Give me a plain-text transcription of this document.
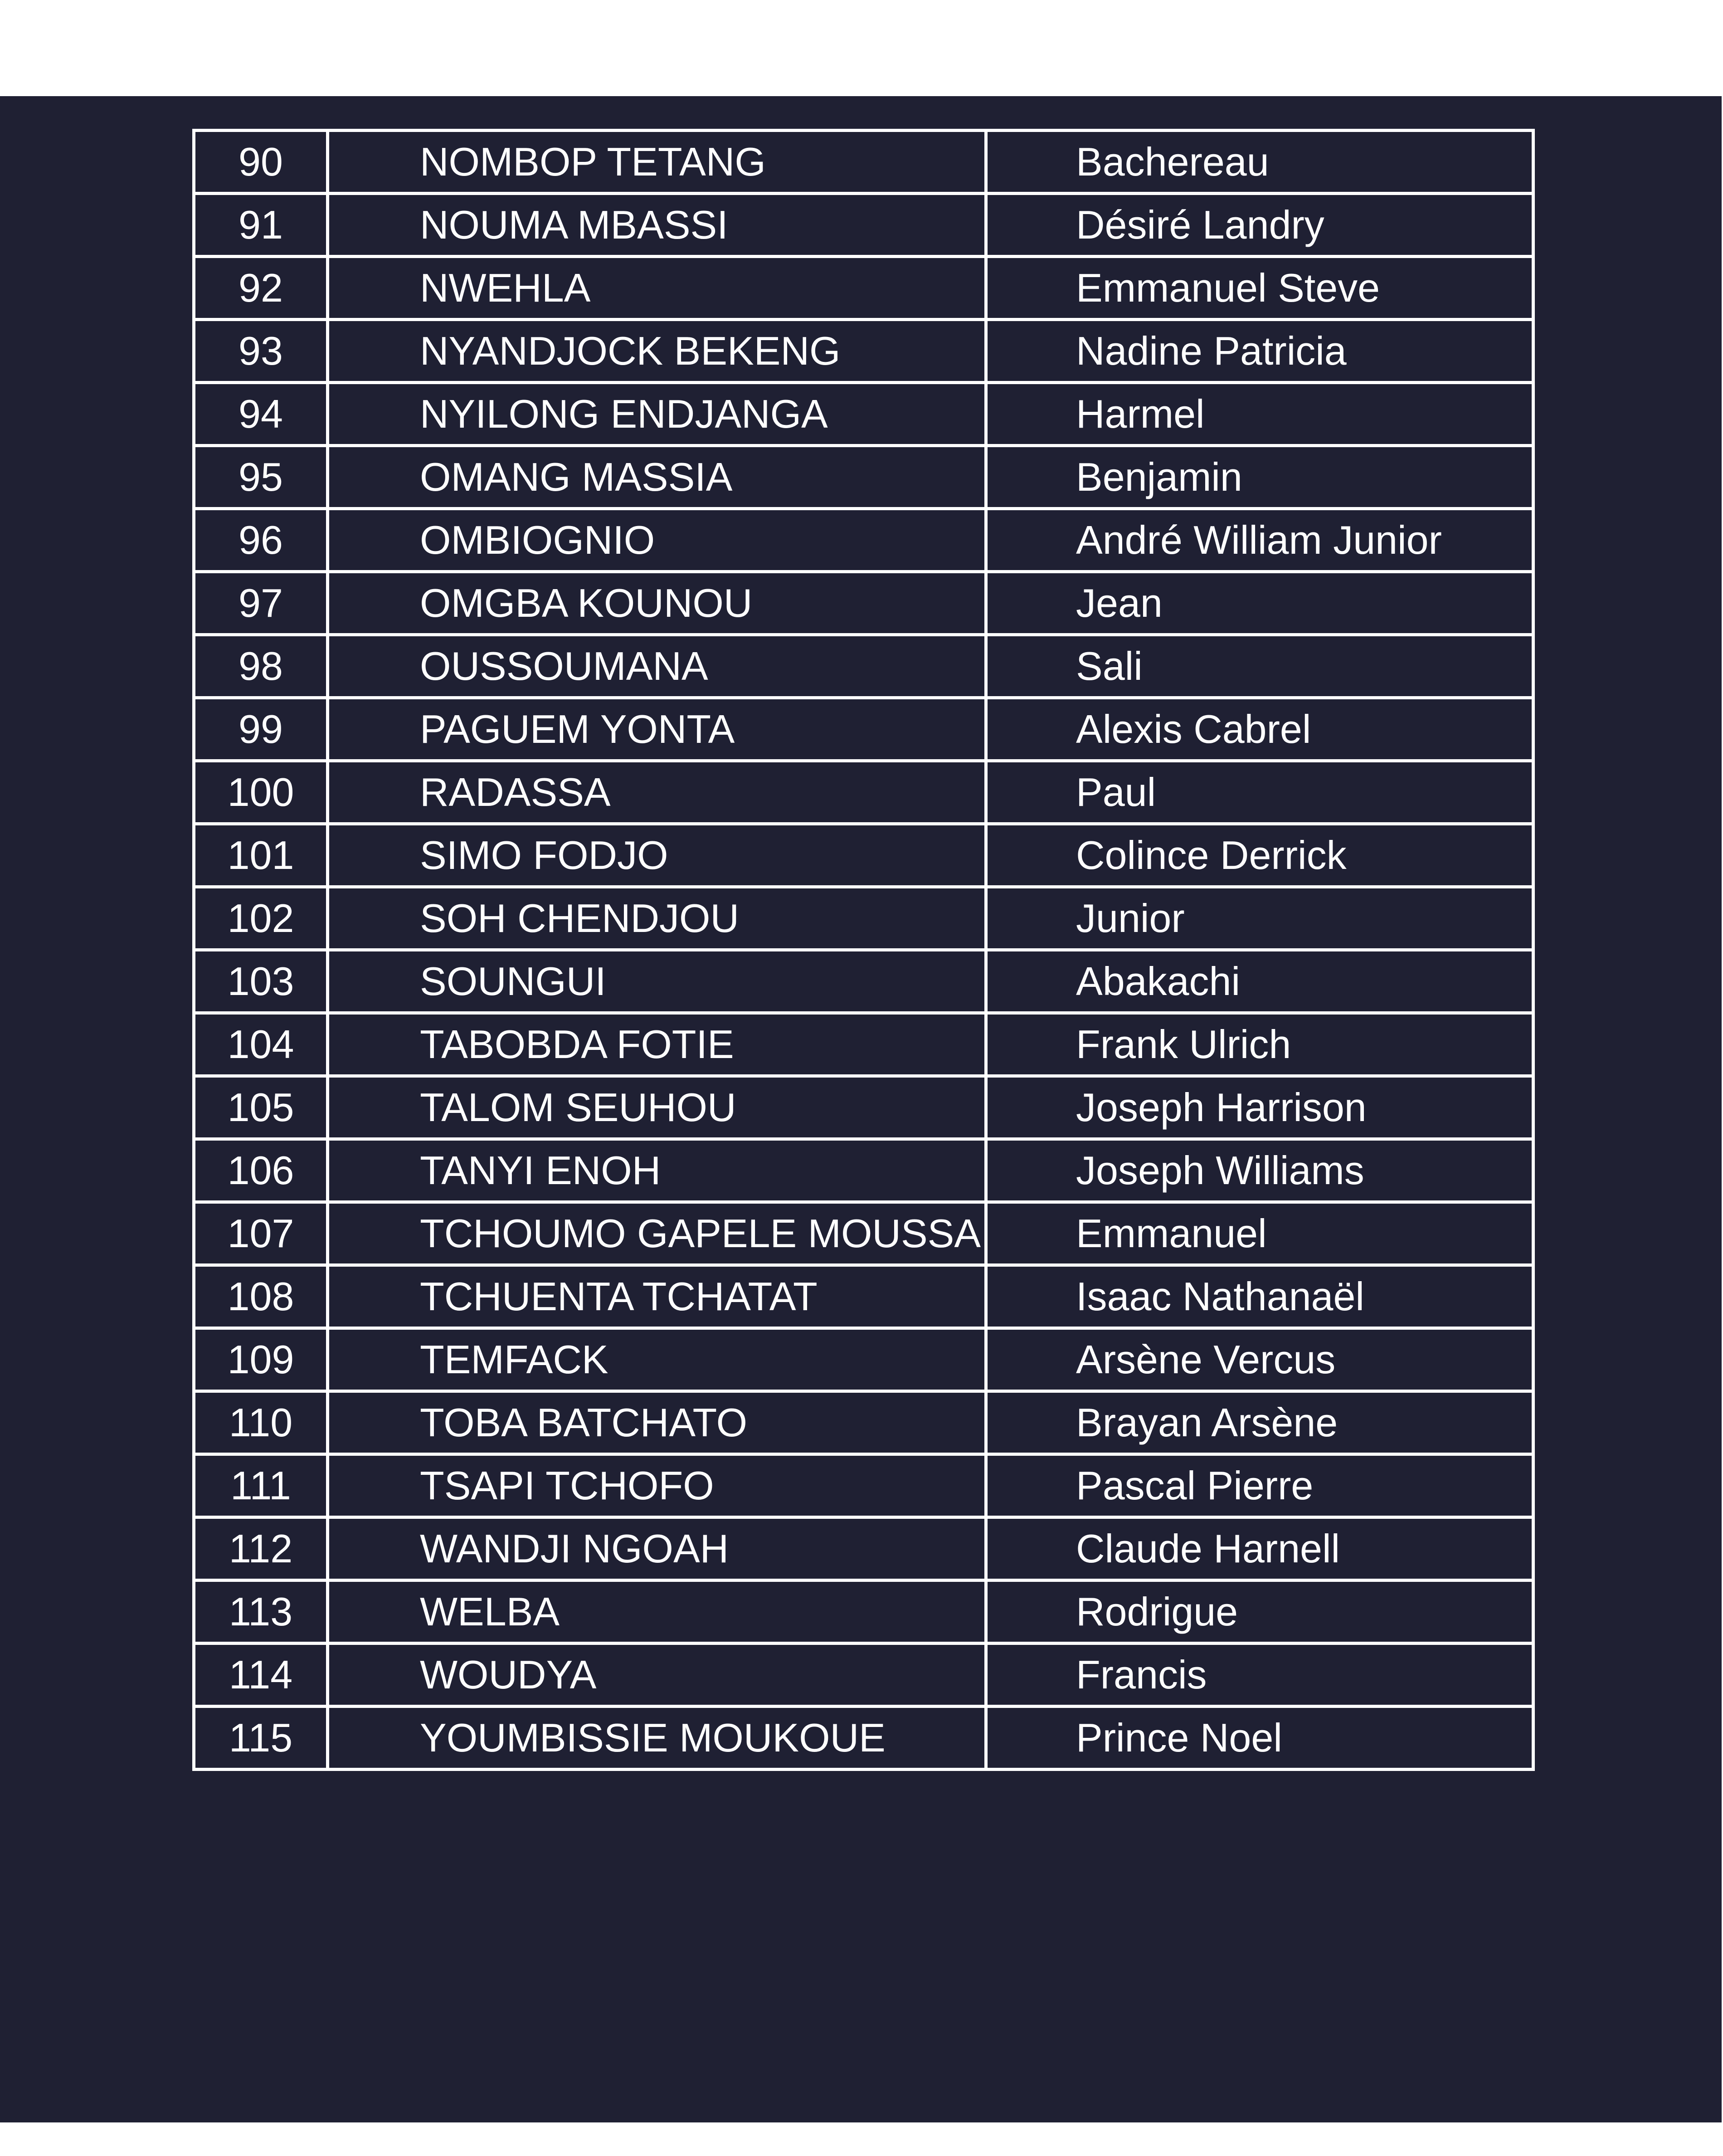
90	NOMBOP TETANG	Bachereau
91	NOUMA MBASSI	Désiré Landry
92	NWEHLA	Emmanuel Steve
93	NYANDJOCK BEKENG	Nadine Patricia
94	NYILONG ENDJANGA	Harmel
95	OMANG MASSIA	Benjamin
96	OMBIOGNIO	André William Junior
97	OMGBA KOUNOU	Jean
98	OUSSOUMANA	Sali
99	PAGUEM YONTA	Alexis Cabrel
100	RADASSA	Paul
101	SIMO FODJO	Colince Derrick
102	SOH CHENDJOU	Junior
103	SOUNGUI	Abakachi
104	TABOBDA FOTIE	Frank Ulrich
105	TALOM SEUHOU	Joseph Harrison
106	TANYI ENOH	Joseph Williams
107	TCHOUMO GAPELE MOUSSA	Emmanuel
108	TCHUENTA TCHATAT	Isaac Nathanaël
109	TEMFACK	Arsène Vercus
110	TOBA BATCHATO	Brayan Arsène
111	TSAPI TCHOFO	Pascal Pierre
112	WANDJI NGOAH	Claude Harnell
113	WELBA	Rodrigue
114	WOUDYA	Francis
115	YOUMBISSIE MOUKOUE	Prince Noel
